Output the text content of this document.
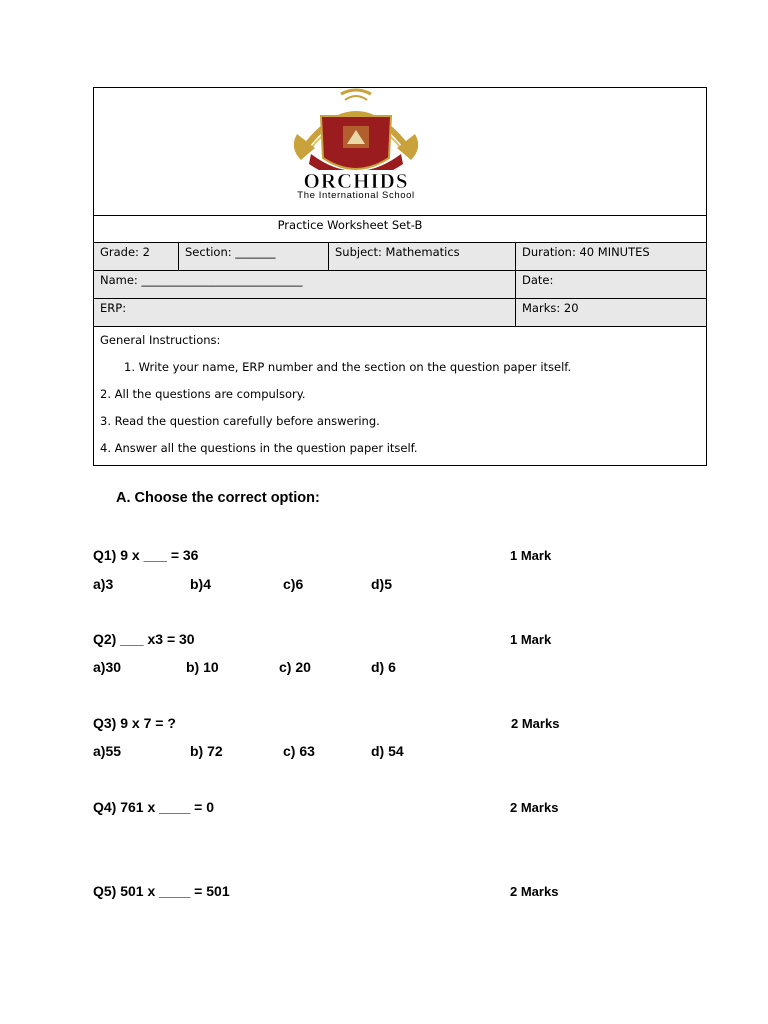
ORCHIDS
The International School
Practice Worksheet Set-B
Grade: 2	Section: _______	Subject: Mathematics	Duration: 40 MINUTES
Name: ____________________________	Date:
ERP:	Marks: 20

General Instructions:

1. Write your name, ERP number and the section on the question paper itself.

2. All the questions are compulsory.

3. Read the question carefully before answering.

4. Answer all the questions in the question paper itself.

A. Choose the correct option:
Q1) 9 x ___ = 36	1 Mark
a)3	b)4	c)6	d)5
Q2) ___ x3 = 30	1 Mark
a)30	b) 10	c) 20	d) 6
Q3) 9 x 7 = ?	2 Marks
a)55	b) 72	c) 63	d) 54
Q4) 761 x ____ = 0	2 Marks
Q5) 501 x ____ = 501	2 Marks
